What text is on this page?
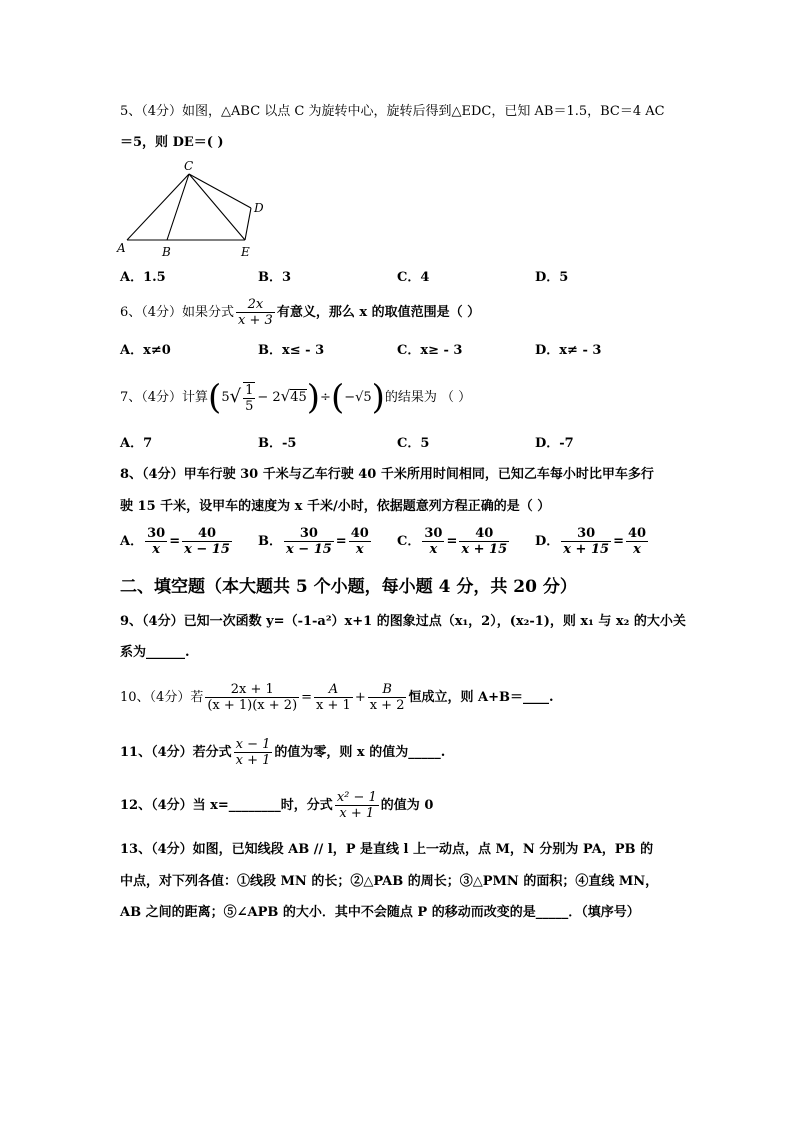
5、（4分）如图，△ABC 以点 C 为旋转中心，旋转后得到△EDC，已知 AB＝1.5，BC＝4 AC
＝5，则 DE＝( )
C
D
A	B	E
A．1.5	B．3	C．4	D．5
6、（4分）如果分式 $\frac{2x}{x + 3}$ 有意义，那么 x 的取值范围是（ ）
A．x≠0	B．x≤ - 3	C．x≥ - 3	D．x≠ - 3
7、（4分）计算$(5√ \frac{1}{5} - 2√45)\div(-√5)$的结果为 （ ）
A．7	B．-5	C．5	D．-7
8、（4分）甲车行驶 30 千米与乙车行驶 40 千米所用时间相同，已知乙车每小时比甲车多行
驶 15 千米，设甲车的速度为 x 千米/小时，依据题意列方程正确的是（ ）
A． $\frac{30}{x} = \frac{40}{x - 15}$ B． $\frac{30}{x - 15} = \frac{40}{x}$ C． $\frac{30}{x} = \frac{40}{x + 15}$ D． $\frac{30}{x + 15} = \frac{40}{x}$
二、填空题（本大题共 5 个小题，每小题 4 分，共 20 分）
9、（4分）已知一次函数 y=（-1-a²）x+1 的图象过点（x₁，2），(x₂-1)，则 x₁ 与 x₂ 的大小关
系为______.
10、（4分）若 $\frac{2x + 1}{(x + 1)(x + 2)} = \frac{A}{x + 1} + \frac{B}{x + 2}$ 恒成立，则 A+B＝____.
11、（4分）若分式 $\frac{x - 1}{x + 1}$ 的值为零，则 x 的值为_____.
12、（4分）当 x=________时，分式 $\frac{\text{x² − 1}}{x + 1}$ 的值为 0
13、（4分）如图，已知线段 AB // l，P 是直线 l 上一动点，点 M，N 分别为 PA，PB 的
中点，对下列各值：①线段 MN 的长；②△PAB 的周长；③△PMN 的面积；④直线 MN，
AB 之间的距离；⑤∠APB 的大小．其中不会随点 P 的移动而改变的是_____．（填序号）
